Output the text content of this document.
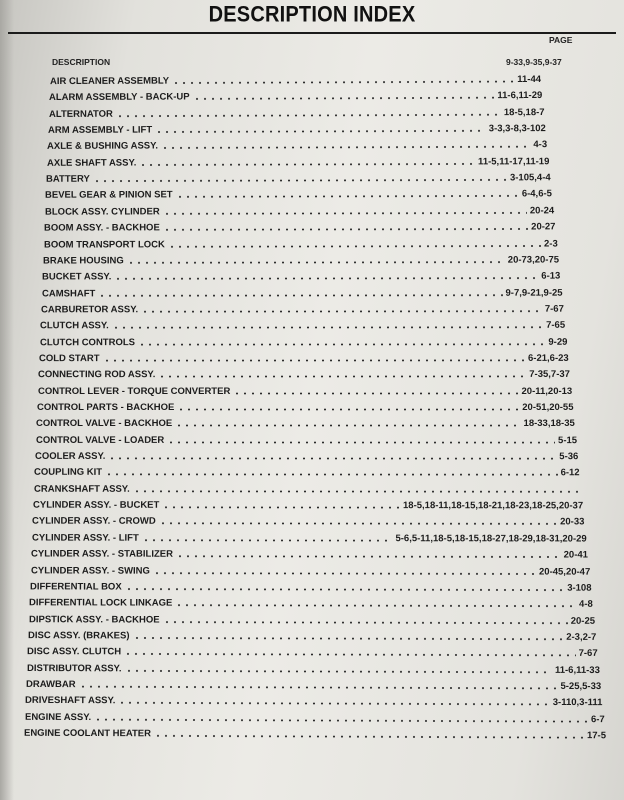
DESCRIPTION INDEX
PAGE
DESCRIPTION	9-33,9-35,9-37
AIR CLEANER ASSEMBLY	11-44
ALARM ASSEMBLY - BACK-UP	11-6,11-29
ALTERNATOR	18-5,18-7
ARM ASSEMBLY - LIFT	3-3,3-8,3-102
AXLE & BUSHING ASSY.	4-3
AXLE SHAFT ASSY.	11-5,11-17,11-19
BATTERY	3-105,4-4
BEVEL GEAR & PINION SET	6-4,6-5
BLOCK ASSY. CYLINDER	20-24
BOOM ASSY. - BACKHOE	20-27
BOOM TRANSPORT LOCK	2-3
BRAKE HOUSING	20-73,20-75
BUCKET ASSY.	6-13
CAMSHAFT	9-7,9-21,9-25
CARBURETOR ASSY.	7-67
CLUTCH ASSY.	7-65
CLUTCH CONTROLS	9-29
COLD START	6-21,6-23
CONNECTING ROD ASSY.	7-35,7-37
CONTROL LEVER - TORQUE CONVERTER	20-11,20-13
CONTROL PARTS - BACKHOE	20-51,20-55
CONTROL VALVE - BACKHOE	18-33,18-35
CONTROL VALVE - LOADER	5-15
COOLER ASSY.	5-36
COUPLING KIT	6-12
CRANKSHAFT ASSY.
CYLINDER ASSY. - BUCKET	18-5,18-11,18-15,18-21,18-23,18-25,20-37
CYLINDER ASSY. - CROWD	20-33
CYLINDER ASSY. - LIFT	5-6,5-11,18-5,18-15,18-27,18-29,18-31,20-29
CYLINDER ASSY. - STABILIZER	20-41
CYLINDER ASSY. - SWING	20-45,20-47
DIFFERENTIAL BOX	3-108
DIFFERENTIAL LOCK LINKAGE	4-8
DIPSTICK ASSY. - BACKHOE	20-25
DISC ASSY. (BRAKES)	2-3,2-7
DISC ASSY. CLUTCH	7-67
DISTRIBUTOR ASSY.	11-6,11-33
DRAWBAR	5-25,5-33
DRIVESHAFT ASSY.	3-110,3-111
ENGINE ASSY.	6-7
ENGINE COOLANT HEATER	17-5
